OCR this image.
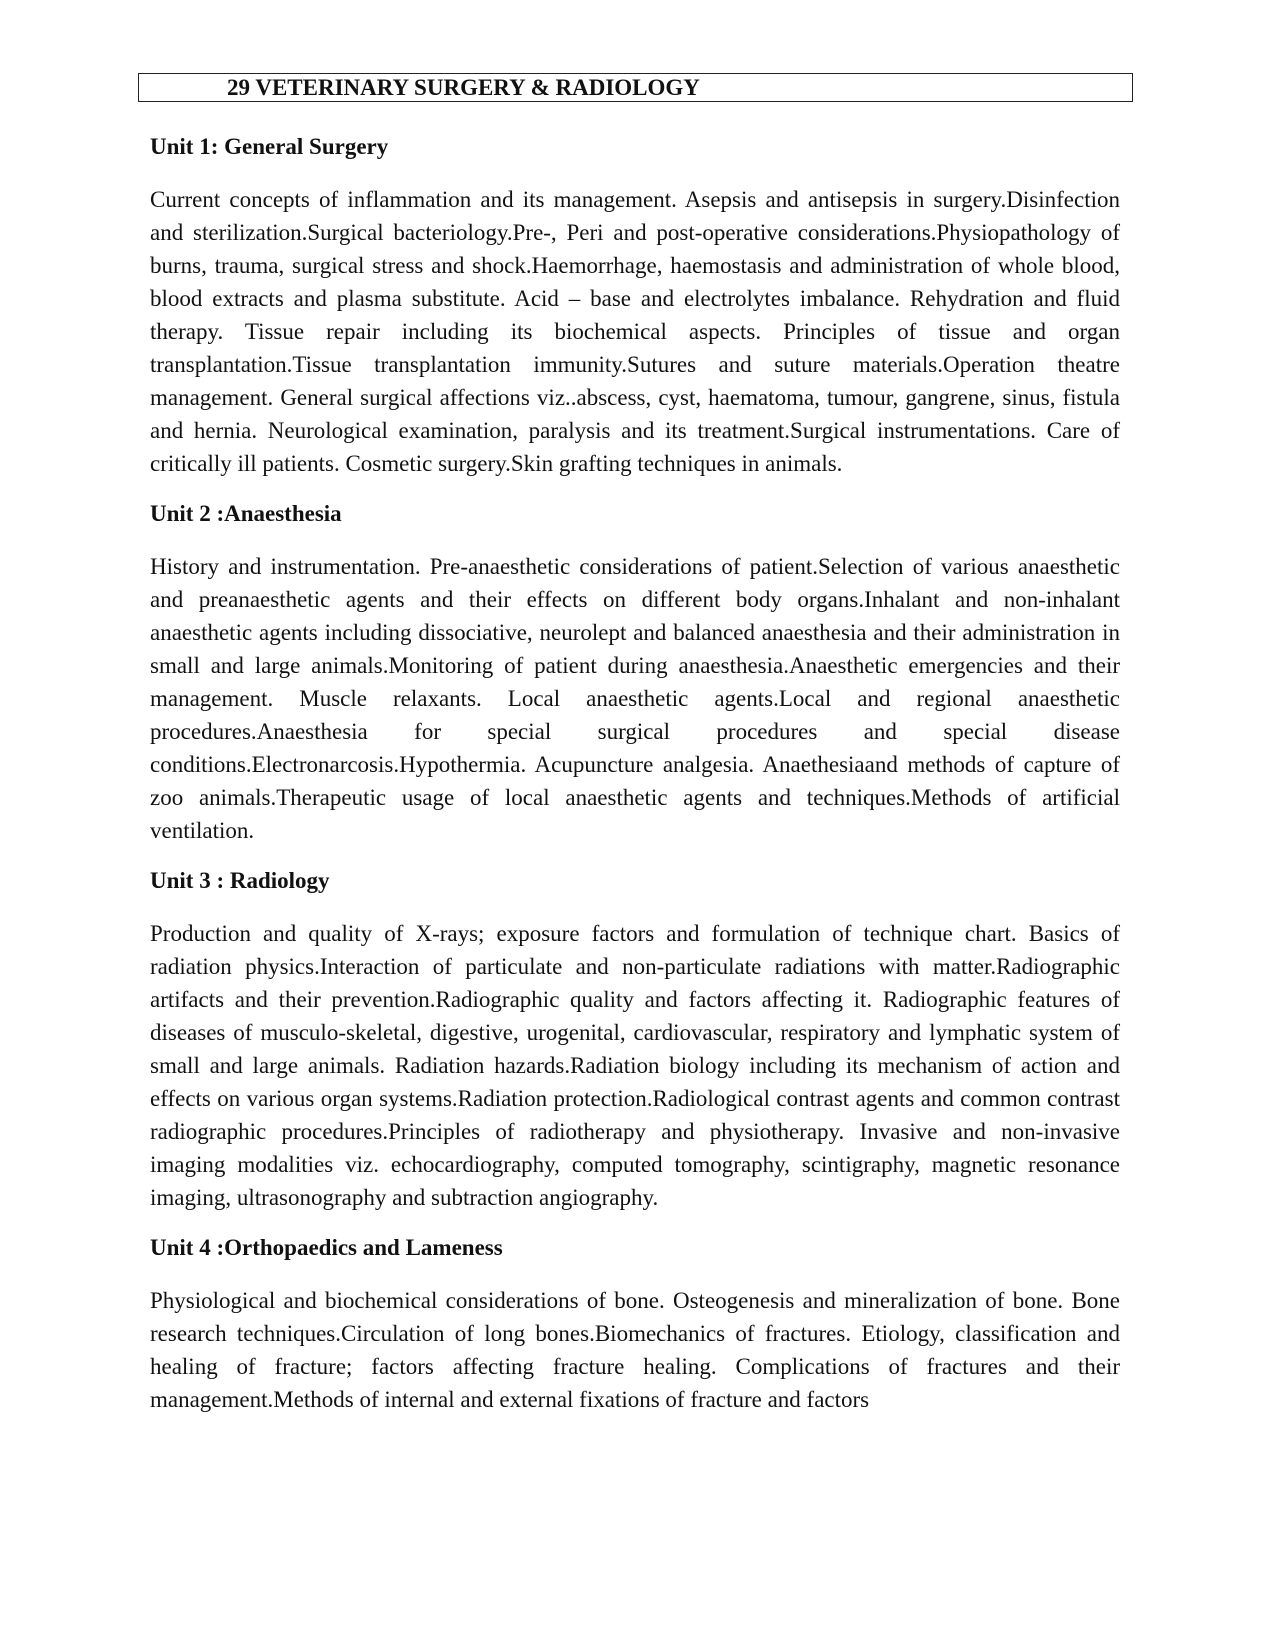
29 VETERINARY SURGERY & RADIOLOGY
Unit 1: General Surgery

Current concepts of inflammation and its management. Asepsis and antisepsis in surgery.Disinfection and sterilization.Surgical bacteriology.Pre-, Peri and post-operative considerations.Physiopathology of burns, trauma, surgical stress and shock.Haemorrhage, haemostasis and administration of whole blood, blood extracts and plasma substitute. Acid – base and electrolytes imbalance. Rehydration and fluid therapy. Tissue repair including its biochemical aspects. Principles of tissue and organ transplantation.Tissue transplantation immunity.Sutures and suture materials.Operation theatre management. General surgical affections viz..abscess, cyst, haematoma, tumour, gangrene, sinus, fistula and hernia. Neurological examination, paralysis and its treatment.Surgical instrumentations. Care of critically ill patients. Cosmetic surgery.Skin grafting techniques in animals.

Unit 2 :Anaesthesia

History and instrumentation. Pre-anaesthetic considerations of patient.Selection of various anaesthetic and preanaesthetic agents and their effects on different body organs.Inhalant and non-inhalant anaesthetic agents including dissociative, neurolept and balanced anaesthesia and their administration in small and large animals.Monitoring of patient during anaesthesia.Anaesthetic emergencies and their management. Muscle relaxants. Local anaesthetic agents.Local and regional anaesthetic procedures.Anaesthesia for special surgical procedures and special disease conditions.Electronarcosis.Hypothermia. Acupuncture analgesia. Anaethesiaand methods of capture of zoo animals.Therapeutic usage of local anaesthetic agents and techniques.Methods of artificial ventilation.

Unit 3 : Radiology

Production and quality of X-rays; exposure factors and formulation of technique chart. Basics of radiation physics.Interaction of particulate and non-particulate radiations with matter.Radiographic artifacts and their prevention.Radiographic quality and factors affecting it. Radiographic features of diseases of musculo-skeletal, digestive, urogenital, cardiovascular, respiratory and lymphatic system of small and large animals. Radiation hazards.Radiation biology including its mechanism of action and effects on various organ systems.Radiation protection.Radiological contrast agents and common contrast radiographic procedures.Principles of radiotherapy and physiotherapy. Invasive and non-invasive imaging modalities viz. echocardiography, computed tomography, scintigraphy, magnetic resonance imaging, ultrasonography and subtraction angiography.

Unit 4 :Orthopaedics and Lameness

Physiological and biochemical considerations of bone. Osteogenesis and mineralization of bone. Bone research techniques.Circulation of long bones.Biomechanics of fractures. Etiology, classification and healing of fracture; factors affecting fracture healing. Complications of fractures and their management.Methods of internal and external fixations of fracture and factors
